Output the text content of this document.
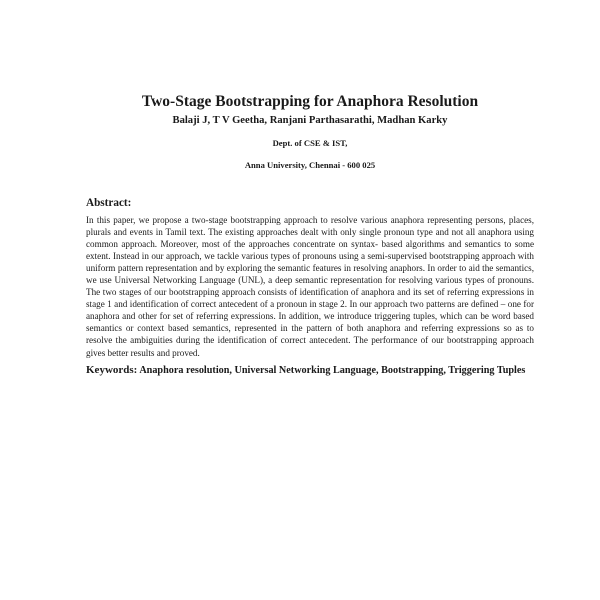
Two-Stage Bootstrapping for Anaphora Resolution
Balaji J, T V Geetha, Ranjani Parthasarathi, Madhan Karky
Dept. of CSE & IST,
Anna University, Chennai - 600 025
Abstract:

In this paper, we propose a two-stage bootstrapping approach to resolve various anaphora representing persons, places, plurals and events in Tamil text. The existing approaches dealt with only single pronoun type and not all anaphora using common approach. Moreover, most of the approaches concentrate on syntax- based algorithms and semantics to some extent. Instead in our approach, we tackle various types of pronouns using a semi-supervised bootstrapping approach with uniform pattern representation and by exploring the semantic features in resolving anaphors. In order to aid the semantics, we use Universal Networking Language (UNL), a deep semantic representation for resolving various types of pronouns. The two stages of our bootstrapping approach consists of identification of anaphora and its set of referring expressions in stage 1 and identification of correct antecedent of a pronoun in stage 2. In our approach two patterns are defined – one for anaphora and other for set of referring expressions. In addition, we introduce triggering tuples, which can be word based semantics or context based semantics, represented in the pattern of both anaphora and referring expressions so as to resolve the ambiguities during the identification of correct antecedent. The performance of our bootstrapping approach gives better results and proved.

Keywords: Anaphora resolution, Universal Networking Language, Bootstrapping, Triggering Tuples
